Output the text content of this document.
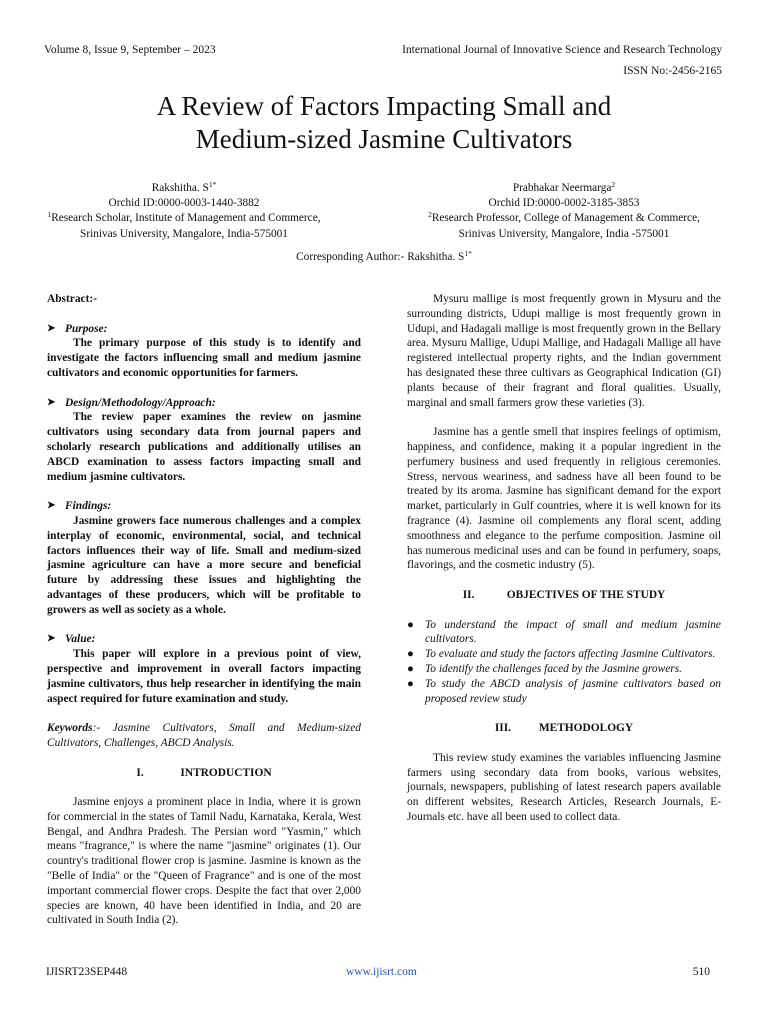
Volume 8, Issue 9, September – 2023	International Journal of Innovative Science and Research Technology
ISSN No:-2456-2165
A Review of Factors Impacting Small and
Medium-sized Jasmine Cultivators
Rakshitha. $S^{1*}$
Orchid ID:0000-0003-1440-3882
$^1$Research Scholar, Institute of Management and Commerce,
Srinivas University, Mangalore, India-575001
Prabhakar Neermarga$^2$
Orchid ID:0000-0002-3185-3853
$^2$Research Professor, College of Management & Commerce,
Srinivas University, Mangalore, India -575001
Corresponding Author:- Rakshitha. $S^{1*}$
Abstract:-
➤ Purpose:

The primary purpose of this study is to identify and investigate the factors influencing small and medium jasmine cultivators and economic opportunities for farmers.

➤ Design/Methodology/Approach:

The review paper examines the review on jasmine cultivators using secondary data from journal papers and scholarly research publications and additionally utilises an ABCD examination to assess factors impacting small and medium jasmine cultivators.

➤ Findings:

Jasmine growers face numerous challenges and a complex interplay of economic, environmental, social, and technical factors influences their way of life. Small and medium-sized jasmine agriculture can have a more secure and beneficial future by addressing these issues and highlighting the advantages of these producers, which will be profitable to growers as well as society as a whole.

➤ Value:

This paper will explore in a previous point of view, perspective and improvement in overall factors impacting jasmine cultivators, thus help researcher in identifying the main aspect required for future examination and study.

Keywords:- Jasmine Cultivators, Small and Medium-sized Cultivators, Challenges, ABCD Analysis.

I.	INTRODUCTION

Jasmine enjoys a prominent place in India, where it is grown for commercial in the states of Tamil Nadu, Karnataka, Kerala, West Bengal, and Andhra Pradesh. The Persian word "Yasmin," which means "fragrance," is where the name "jasmine" originates (1). Our country's traditional flower crop is jasmine. Jasmine is known as the "Belle of India" or the "Queen of Fragrance" and is one of the most important commercial flower crops. Despite the fact that over 2,000 species are known, 40 have been identified in India, and 20 are cultivated in South India (2).

Mysuru mallige is most frequently grown in Mysuru and the surrounding districts, Udupi mallige is most frequently grown in Udupi, and Hadagali mallige is most frequently grown in the Bellary area. Mysuru Mallige, Udupi Mallige, and Hadagali Mallige all have registered intellectual property rights, and the Indian government has designated these three cultivars as Geographical Indication (GI) plants because of their fragrant and floral qualities. Usually, marginal and small farmers grow these varieties (3).

Jasmine has a gentle smell that inspires feelings of optimism, happiness, and confidence, making it a popular ingredient in the perfumery business and used frequently in religious ceremonies. Stress, nervous weariness, and sadness have all been found to be treated by its aroma. Jasmine has significant demand for the export market, particularly in Gulf countries, where it is well known for its fragrance (4). Jasmine oil complements any floral scent, adding smoothness and elegance to the perfume composition. Jasmine oil has numerous medicinal uses and can be found in perfumery, soaps, flavorings, and the cosmetic industry (5).

II.	OBJECTIVES OF THE STUDY
● To understand the impact of small and medium jasmine cultivators.
● To evaluate and study the factors affecting Jasmine Cultivators.
● To identify the challenges faced by the Jasmine growers.
● To study the ABCD analysis of jasmine cultivators based on proposed review study
III. METHODOLOGY

This review study examines the variables influencing Jasmine farmers using secondary data from books, various websites, journals, newspapers, publishing of latest research papers available on different websites, Research Articles, Research Journals, E-Journals etc. have all been used to collect data.

IJISRT23SEP448	www.ijisrt.com	510
